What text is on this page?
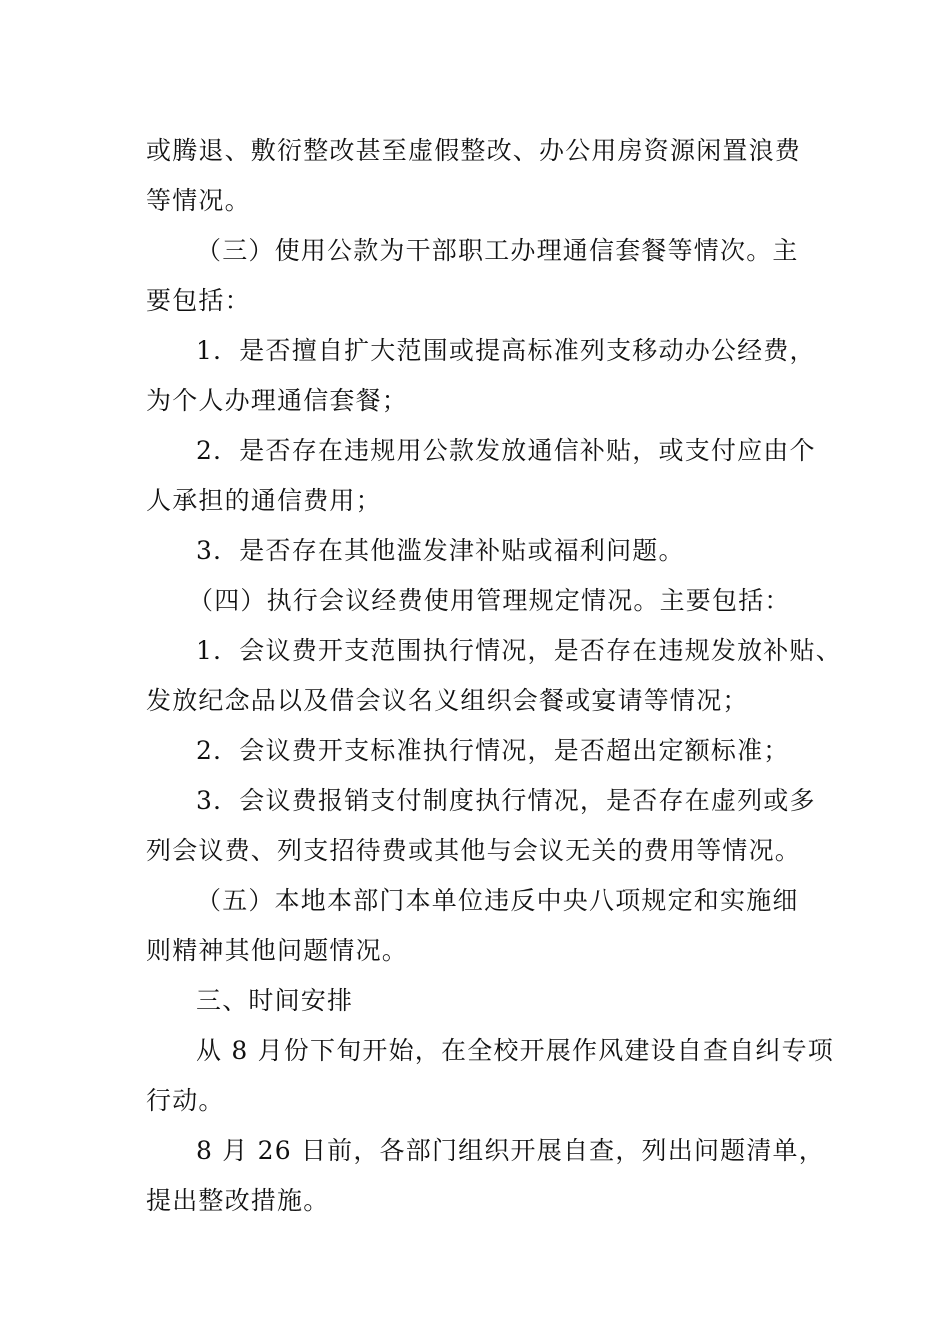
或腾退、敷衍整改甚至虚假整改、办公用房资源闲置浪费
等情况。
（三）使用公款为干部职工办理通信套餐等情次。主
要包括：
1．是否擅自扩大范围或提高标准列支移动办公经费，
为个人办理通信套餐；
2．是否存在违规用公款发放通信补贴，或支付应由个
人承担的通信费用；
3．是否存在其他滥发津补贴或福利问题。
（四）执行会议经费使用管理规定情况。主要包括：
1．会议费开支范围执行情况，是否存在违规发放补贴、
发放纪念品以及借会议名义组织会餐或宴请等情况；
2．会议费开支标准执行情况，是否超出定额标准；
3．会议费报销支付制度执行情况，是否存在虚列或多
列会议费、列支招待费或其他与会议无关的费用等情况。
（五）本地本部门本单位违反中央八项规定和实施细
则精神其他问题情况。
三、时间安排
从 8 月份下旬开始，在全校开展作风建设自查自纠专项
行动。
8 月 26 日前，各部门组织开展自查，列出问题清单，
提出整改措施。
